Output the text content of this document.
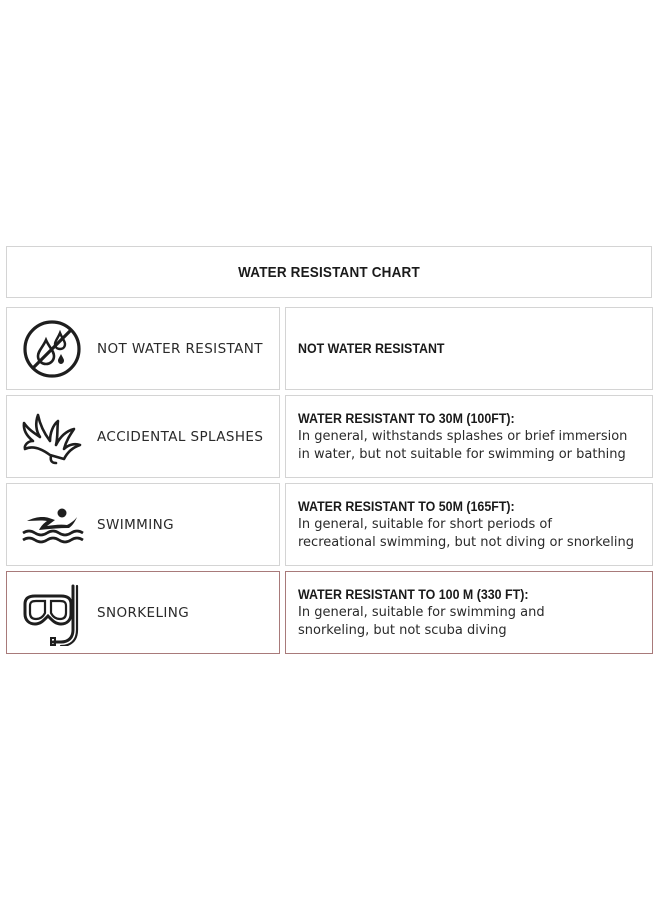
WATER RESISTANT CHART
NOT WATER RESISTANT	NOT WATER RESISTANT
ACCIDENTAL SPLASHES
WATER RESISTANT TO 30M (100FT):
In general, withstands splashes or brief immersion
in water, but not suitable for swimming or bathing
SWIMMING
WATER RESISTANT TO 50M (165FT):
In general, suitable for short periods of
recreational swimming, but not diving or snorkeling
SNORKELING
WATER RESISTANT TO 100 M (330 FT):
In general, suitable for swimming and
snorkeling, but not scuba diving
